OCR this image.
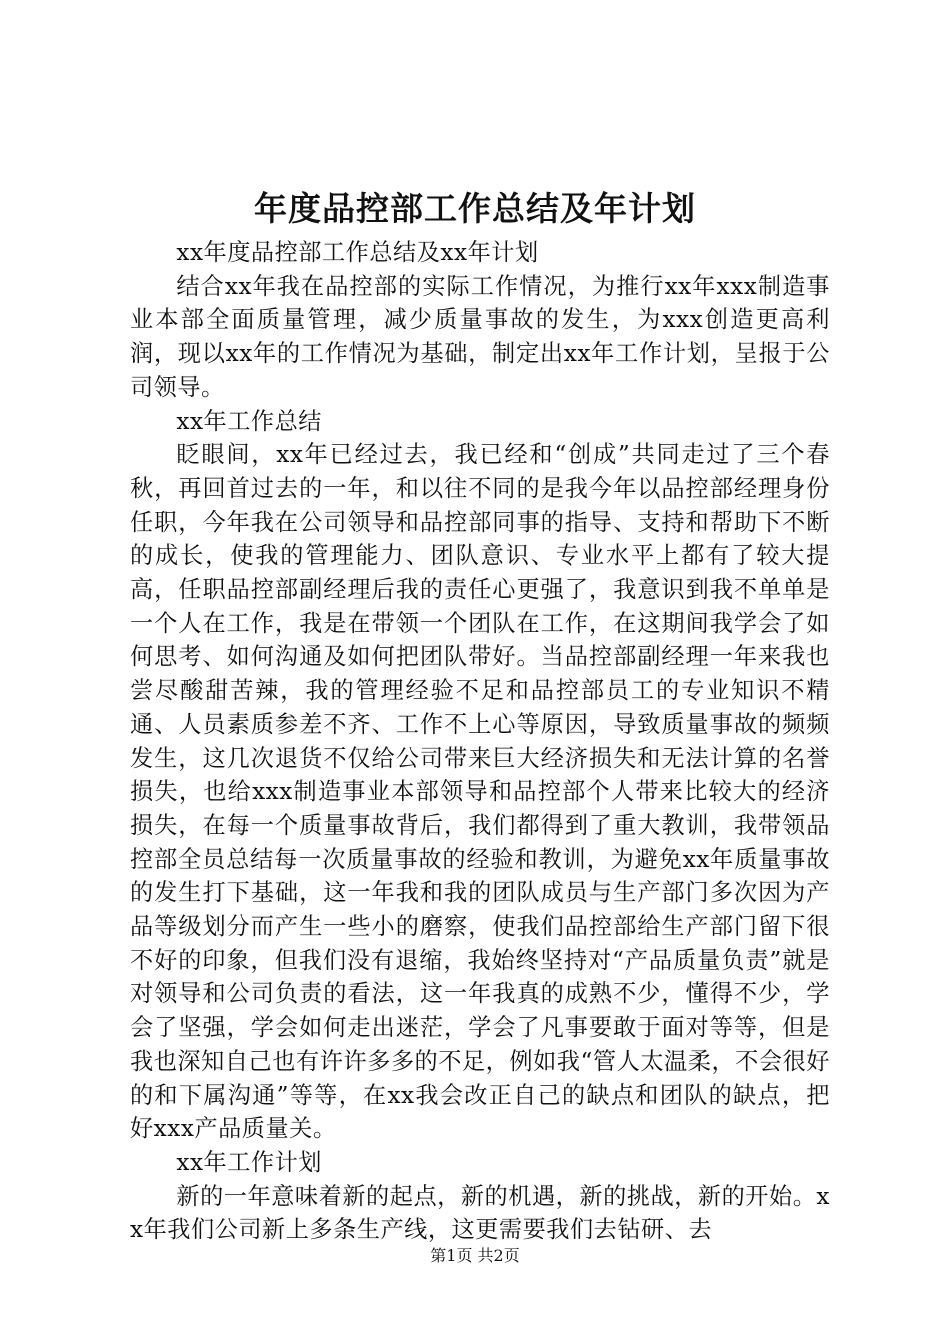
年度品控部工作总结及年计划

xx年度品控部工作总结及xx年计划

结合xx年我在品控部的实际工作情况，为推行xx年xxx制造事业本部全面质量管理，减少质量事故的发生，为xxx创造更高利润，现以xx年的工作情况为基础，制定出xx年工作计划，呈报于公司领导。

xx年工作总结

眨眼间，xx年已经过去，我已经和“创成”共同走过了三个春秋，再回首过去的一年，和以往不同的是我今年以品控部经理身份任职，今年我在公司领导和品控部同事的指导、支持和帮助下不断的成长，使我的管理能力、团队意识、专业水平上都有了较大提高，任职品控部副经理后我的责任心更强了，我意识到我不单单是一个人在工作，我是在带领一个团队在工作，在这期间我学会了如何思考、如何沟通及如何把团队带好。当品控部副经理一年来我也尝尽酸甜苦辣，我的管理经验不足和品控部员工的专业知识不精通、人员素质参差不齐、工作不上心等原因，导致质量事故的频频发生，这几次退货不仅给公司带来巨大经济损失和无法计算的名誉损失，也给xxx制造事业本部领导和品控部个人带来比较大的经济损失，在每一个质量事故背后，我们都得到了重大教训，我带领品控部全员总结每一次质量事故的经验和教训，为避免xx年质量事故的发生打下基础，这一年我和我的团队成员与生产部门多次因为产品等级划分而产生一些小的磨察，使我们品控部给生产部门留下很不好的印象，但我们没有退缩，我始终坚持对“产品质量负责”就是对领导和公司负责的看法，这一年我真的成熟不少，懂得不少，学会了坚强，学会如何走出迷茫，学会了凡事要敢于面对等等，但是我也深知自己也有许许多多的不足，例如我“管人太温柔，不会很好的和下属沟通”等等，在xx我会改正自己的缺点和团队的缺点，把好xxx产品质量关。

xx年工作计划

新的一年意味着新的起点，新的机遇，新的挑战，新的开始。xx年我们公司新上多条生产线，这更需要我们去钻研、去

第1页 共2页
